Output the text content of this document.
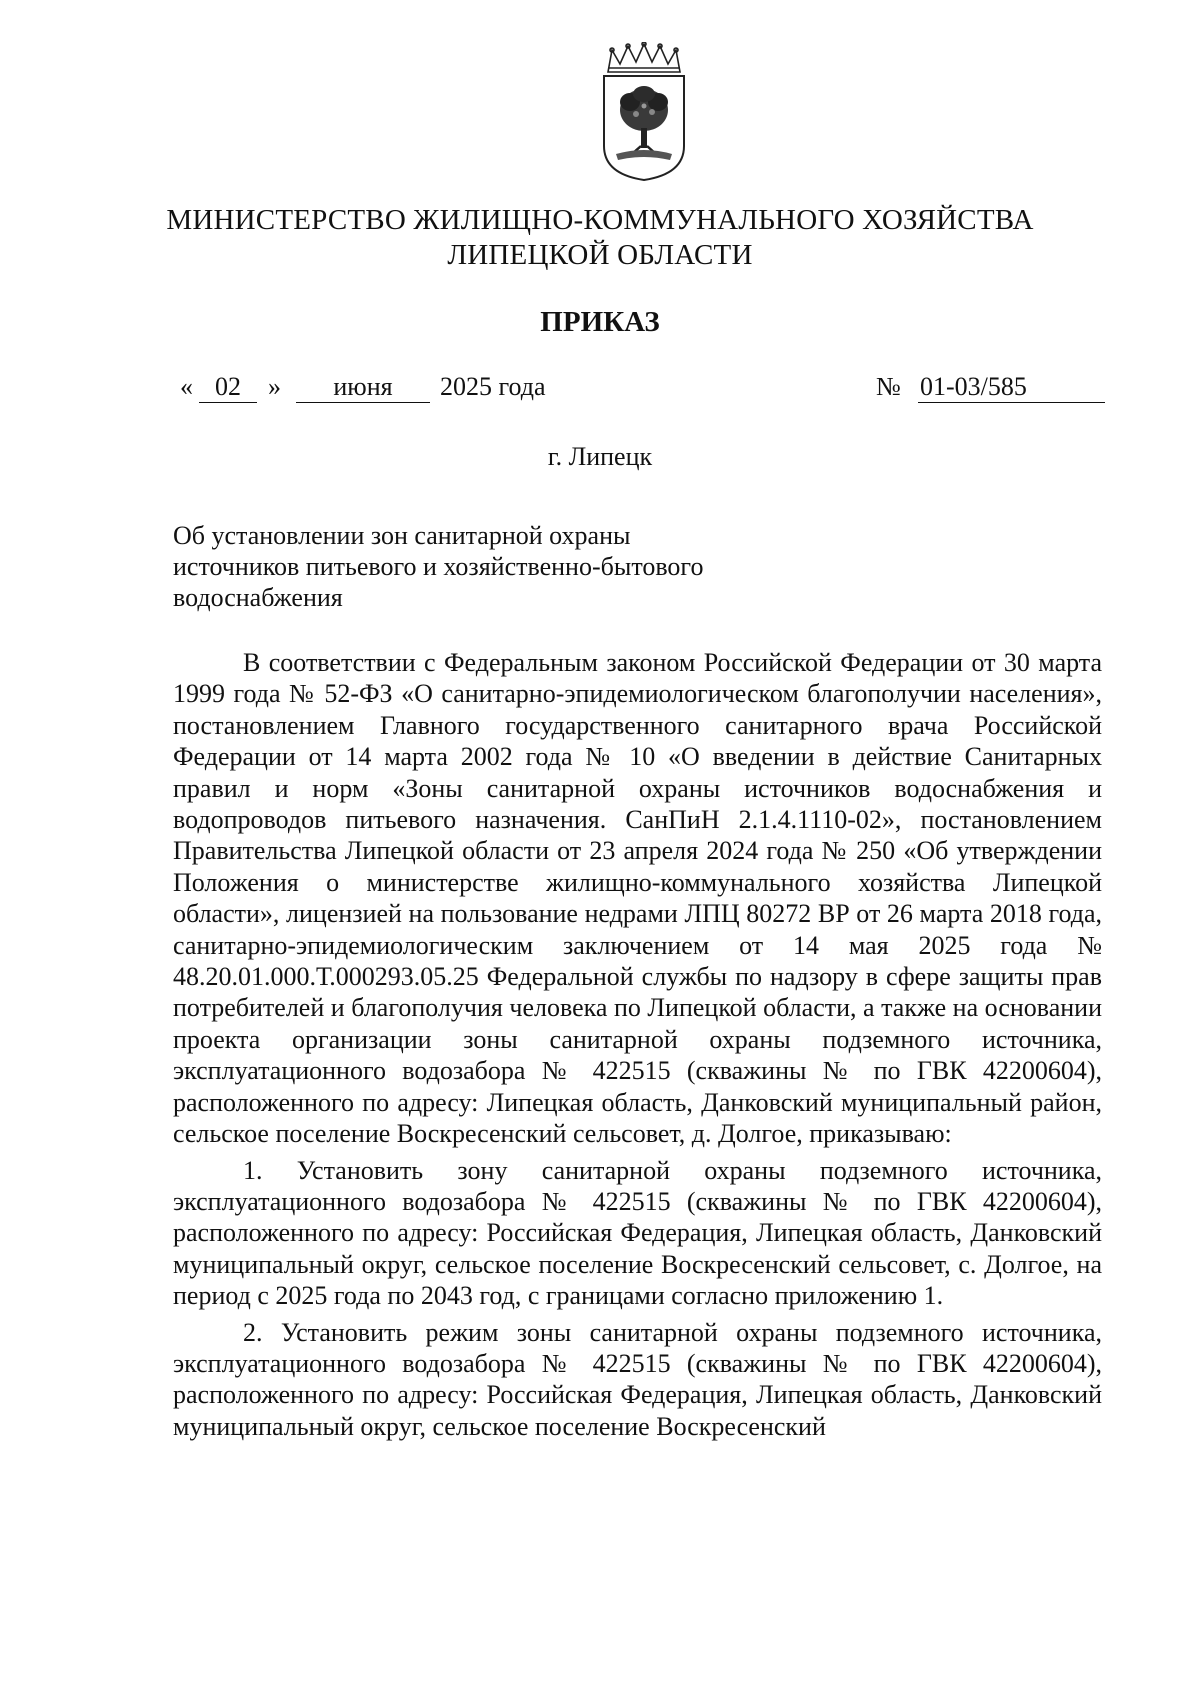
МИНИСТЕРСТВО ЖИЛИЩНО-КОММУНАЛЬНОГО ХОЗЯЙСТВА
ЛИПЕЦКОЙ ОБЛАСТИ
ПРИКАЗ
« 02	»	июня	2025 года	№ 01-03/585
г. Липецк
Об установлении зон санитарной охраны
источников питьевого и хозяйственно-бытового
водоснабжения

В соответствии с Федеральным законом Российской Федерации от 30 марта 1999 года № 52-ФЗ «О санитарно-эпидемиологическом благополучии населения», постановлением Главного государственного санитарного врача Российской Федерации от 14 марта 2002 года № 10 «О введении в действие Санитарных правил и норм «Зоны санитарной охраны источников водоснабжения и водопроводов питьевого назначения. СанПиН 2.1.4.1110-02», постановлением Правительства Липецкой области от 23 апреля 2024 года № 250 «Об утверждении Положения о министерстве жилищно-коммунального хозяйства Липецкой области», лицензией на пользование недрами ЛПЦ 80272 ВР от 26 марта 2018 года, санитарно-эпидемиологическим заключением от 14 мая 2025 года № 48.20.01.000.Т.000293.05.25 Федеральной службы по надзору в сфере защиты прав потребителей и благополучия человека по Липецкой области, а также на основании проекта организации зоны санитарной охраны подземного источника, эксплуатационного водозабора № 422515 (скважины № по ГВК 42200604), расположенного по адресу: Липецкая область, Данковский муниципальный район, сельское поселение Воскресенский сельсовет, д. Долгое, приказываю:

1. Установить зону санитарной охраны подземного источника, эксплуатационного водозабора № 422515 (скважины № по ГВК 42200604), расположенного по адресу: Российская Федерация, Липецкая область, Данковский муниципальный округ, сельское поселение Воскресенский сельсовет, с. Долгое, на период с 2025 года по 2043 год, с границами согласно приложению 1.

2. Установить режим зоны санитарной охраны подземного источника, эксплуатационного водозабора № 422515 (скважины № по ГВК 42200604), расположенного по адресу: Российская Федерация, Липецкая область, Данковский муниципальный округ, сельское поселение Воскресенский
